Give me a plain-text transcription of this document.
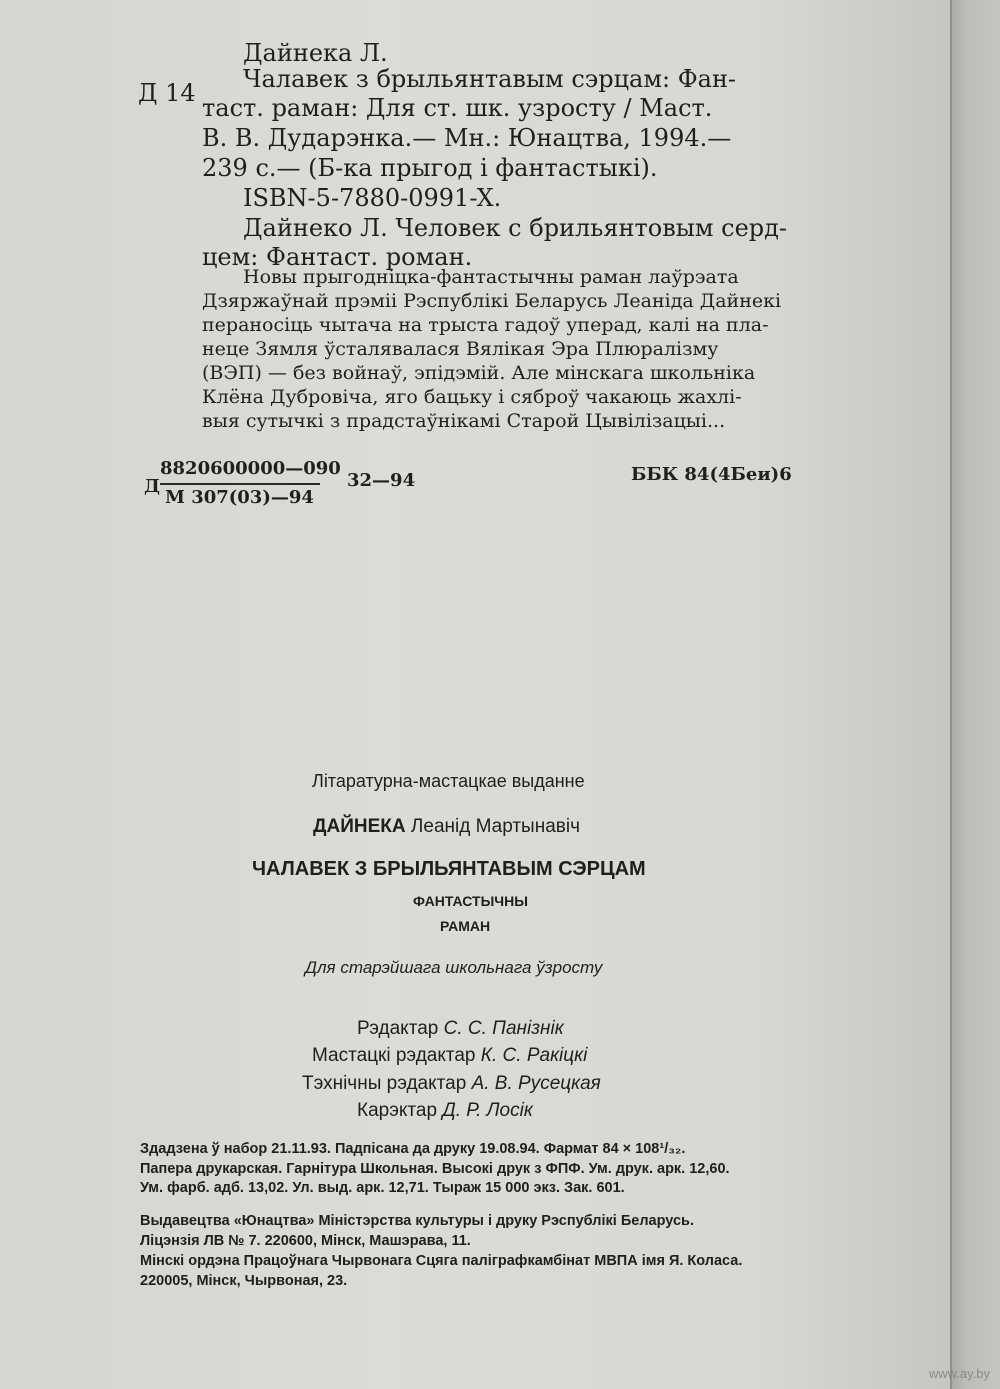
Д 14
Дайнека Л.
Чалавек з брыльянтавым сэрцам: Фан-
таст. раман: Для ст. шк. узросту / Маст.
В. В. Дударэнка.— Мн.: Юнацтва, 1994.—
239 с.— (Б-ка прыгод і фантастыкі).
ISBN-5-7880-0991-X.
Дайнеко Л. Человек с брильянтовым серд-
цем: Фантаст. роман.
Новы прыгодніцка-фантастычны раман лаўрэата
Дзяржаўнай прэміі Рэспублікі Беларусь Леаніда Дайнекі
пераносіць чытача на трыста гадоў уперад, калі на пла-
нецe Зямля ўсталявалася Вялікая Эра Плюралізму
(ВЭП) — без войнаў, эпідэмій. Але мінскага школьніка
Клёна Дубровіча, яго бацьку і сяброў чакаюць жахлі-
выя сутычкі з прадстаўнікамі Старой Цывілізацыі...
Д
8820600000—090
М 307(03)—94
32—94	ББК 84(4Беи)6
Літаратурна-мастацкае выданне
ДАЙНЕКА Леанід Мартынавіч
ЧАЛАВЕК З БРЫЛЬЯНТАВЫМ СЭРЦАМ
ФАНТАСТЫЧНЫ
РАМАН
Для старэйшага школьнага ўзросту
Рэдактар С. С. Панізнік
Мастацкі рэдактар К. С. Ракіцкі
Тэхнічны рэдактар А. В. Русецкая
Карэктар Д. Р. Лосік
Здадзена ў набор 21.11.93. Падпісана да друку 19.08.94. Фармат 84 × 108¹/₃₂.
Папера друкарская. Гарнітура Школьная. Высокі друк з ФПФ. Ум. друк. арк. 12,60.
Ум. фарб. адб. 13,02. Ул. выд. арк. 12,71. Тыраж 15 000 экз. Зак. 601.
Выдавецтва «Юнацтва» Міністэрства культуры і друку Рэспублікі Беларусь.
Ліцэнзія ЛВ № 7. 220600, Мінск, Машэрава, 11.
Мінскі ордэна Працоўнага Чырвонага Сцяга паліграфкамбінат МВПА імя Я. Коласа.
220005, Мінск, Чырвоная, 23.
www.ay.by
